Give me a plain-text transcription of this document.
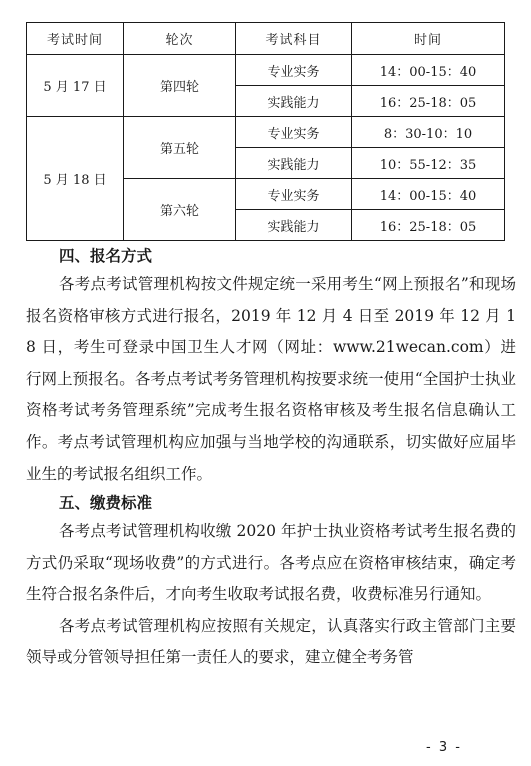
考试时间	轮次	考试科目	时间
5 月 17 日	第四轮	专业实务	14：00-15：40
		实践能力	16：25-18：05
5 月 18 日	第五轮	专业实务	8：30-10：10
		实践能力	10：55-12：35
	第六轮	专业实务	14：00-15：40
		实践能力	16：25-18：05
四、报名方式

各考点考试管理机构按文件规定统一采用考生“网上预报名”和现场报名资格审核方式进行报名，2019 年 12 月 4 日至 2019 年 12 月 18 日，考生可登录中国卫生人才网（网址：www.21wecan.com）进行网上预报名。各考点考试考务管理机构按要求统一使用“全国护士执业资格考试考务管理系统”完成考生报名资格审核及考生报名信息确认工作。考点考试管理机构应加强与当地学校的沟通联系，切实做好应届毕业生的考试报名组织工作。

五、缴费标准

各考点考试管理机构收缴 2020 年护士执业资格考试考生报名费的方式仍采取“现场收费”的方式进行。各考点应在资格审核结束，确定考生符合报名条件后，才向考生收取考试报名费，收费标准另行通知。

各考点考试管理机构应按照有关规定，认真落实行政主管部门主要领导或分管领导担任第一责任人的要求，建立健全考务管

- 3 -
